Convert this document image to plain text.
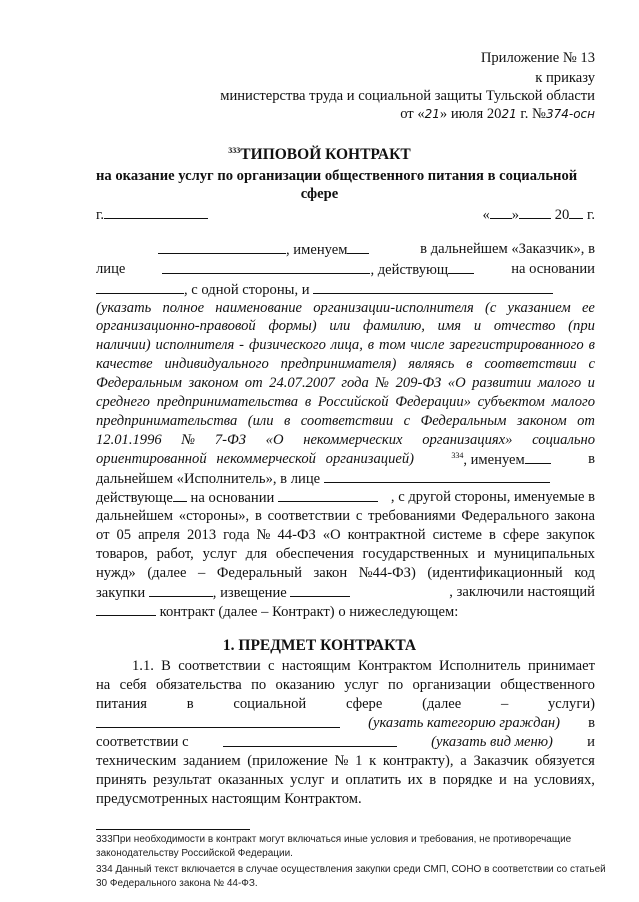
Приложение № 13
к приказу
министерства труда и социальной защиты Тульской области
от «21» июля 2021 г. №374-осн
$^{333}$ТИПОВОЙ КОНТРАКТ
на оказание услуг по организации общественного питания в социальной
сфере
г.	« » 20 г.
, именуем	в дальнейшем «Заказчик», в
лице	, действующ	на основании
, с одной стороны, и
(указать полное наименование организации-исполнителя (с указанием ее
организационно-правовой формы) или фамилию, имя и отчество (при
наличии) исполнителя - физического лица, в том числе зарегистрированного в
качестве индивидуального предпринимателя) являясь в соответствии с
Федеральным законом от 24.07.2007 года № 209-ФЗ «О развитии малого и
среднего предпринимательства в Российской Федерации» субъектом малого
предпринимательства (или в соответствии с Федеральным законом от
12.01.1996 № 7-ФЗ «О некоммерческих организациях» социально
ориентированной некоммерческой организацией)	$^{334}$, именуем	в
дальнейшем «Исполнитель», в лице
действующе на основании	, с другой стороны, именуемые в
дальнейшем «стороны», в соответствии с требованиями Федерального закона
от 05 апреля 2013 года № 44-ФЗ «О контрактной системе в сфере закупок
товаров, работ, услуг для обеспечения государственных и муниципальных
нужд» (далее – Федеральный закон №44-ФЗ) (идентификационный код
закупки	, извещение	, заключили настоящий
контракт (далее – Контракт) о нижеследующем:
1. ПРЕДМЕТ КОНТРАКТА
1.1. В соответствии с настоящим Контрактом Исполнитель принимает
на себя обязательства по оказанию услуг по организации общественного
питания	в	социальной	сфере	(далее	–	услуги)
(указать категорию граждан) в
соответствии с	(указать вид меню) и
техническим заданием (приложение № 1 к контракту), а Заказчик обязуется
принять результат оказанных услуг и оплатить их в порядке и на условиях,
предусмотренных настоящим Контрактом.
333При необходимости в контракт могут включаться иные условия и требования, не противоречащие
законодательству Российской Федерации.
334 Данный текст включается в случае осуществления закупки среди СМП, СОНО в соответствии со статьей
30 Федерального закона № 44-ФЗ.
